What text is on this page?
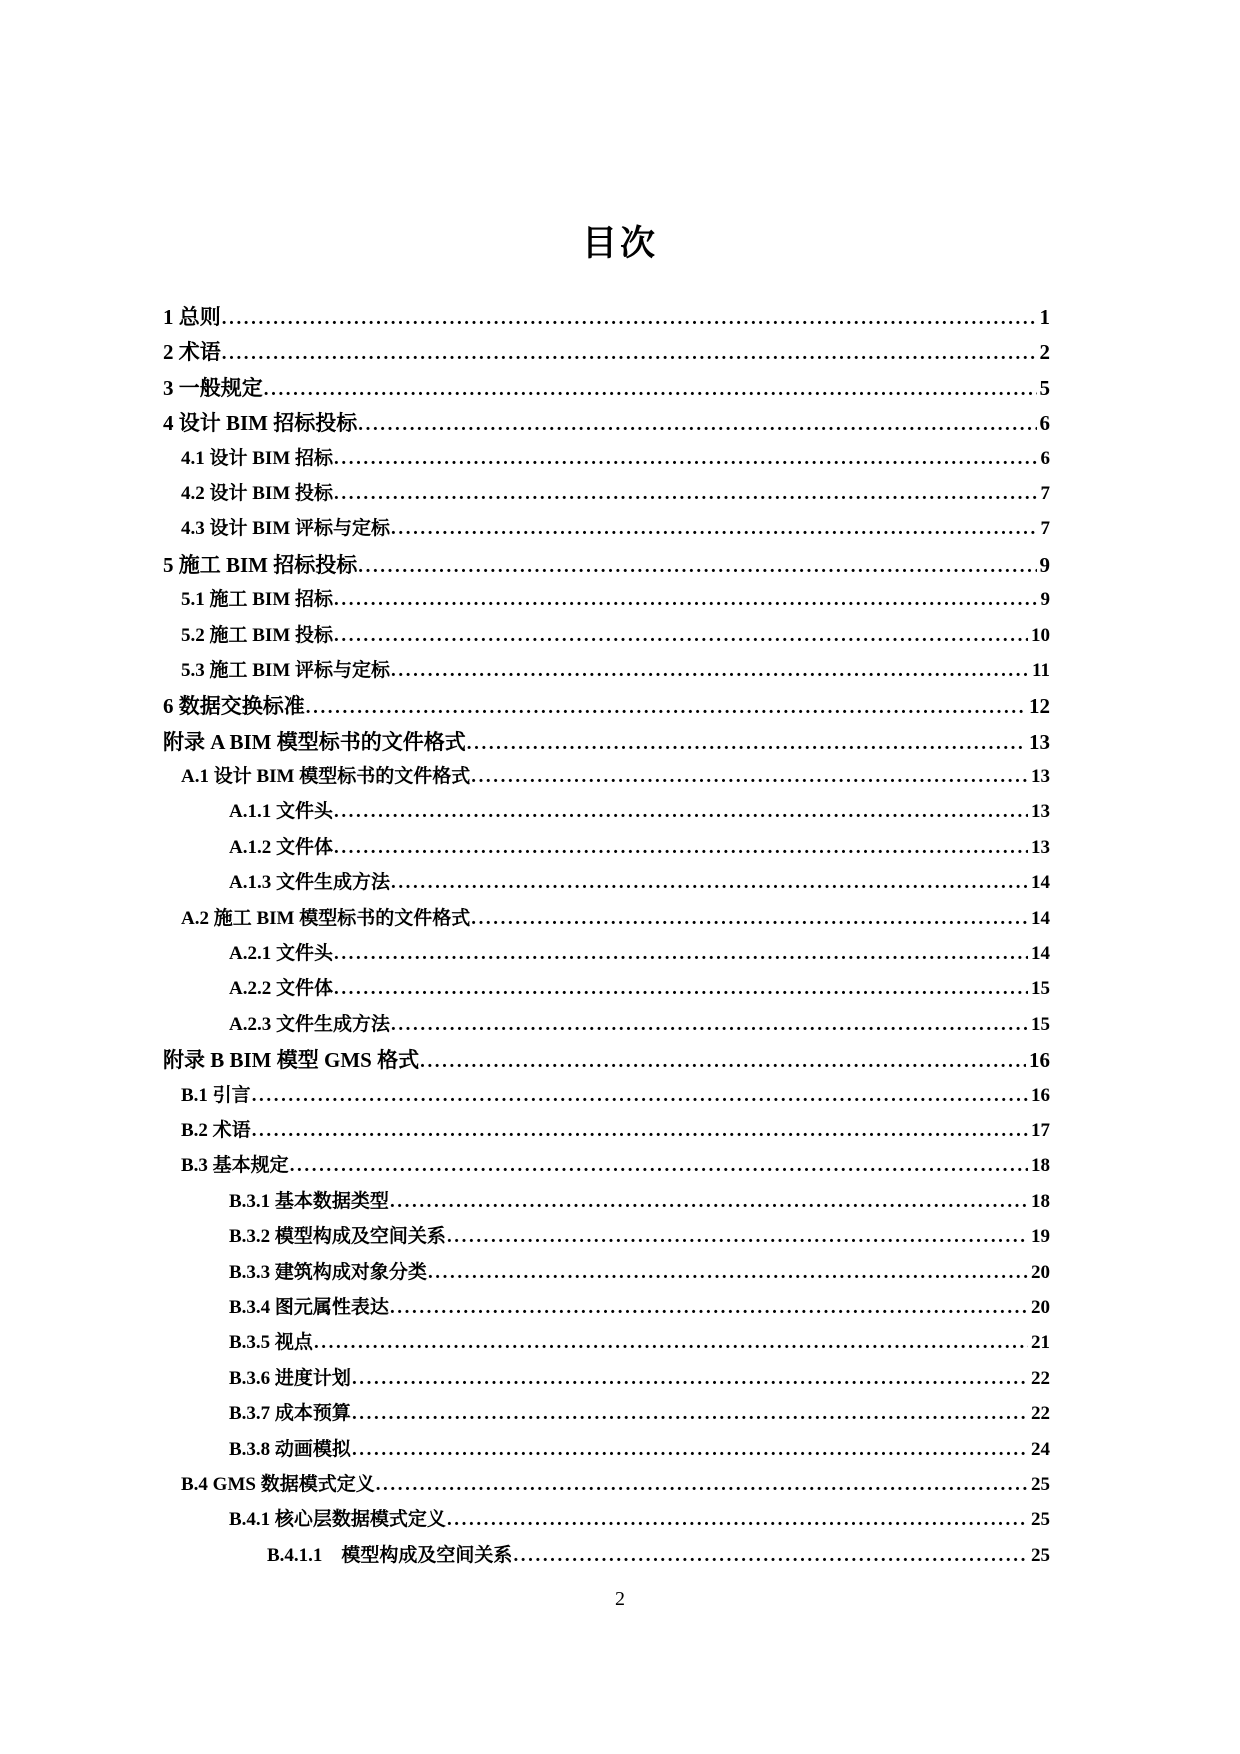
目次
1 总则 .....	1
2 术语 .....	2
3 一般规定 .....	5
4 设计 BIM 招标投标 .....	6
4.1 设计 BIM 招标 .....	6
4.2 设计 BIM 投标 .....	7
4.3 设计 BIM 评标与定标 .....	7
5 施工 BIM 招标投标 .....	9
5.1 施工 BIM 招标 .....	9
5.2 施工 BIM 投标 .....	10
5.3 施工 BIM 评标与定标 .....	11
6 数据交换标准 .....	12
附录 A BIM 模型标书的文件格式 .....	13
A.1 设计 BIM 模型标书的文件格式 .....	13
A.1.1 文件头 .....	13
A.1.2 文件体 .....	13
A.1.3 文件生成方法 .....	14
A.2 施工 BIM 模型标书的文件格式 .....	14
A.2.1 文件头 .....	14
A.2.2 文件体 .....	15
A.2.3 文件生成方法 .....	15
附录 B BIM 模型 GMS 格式 .....	16
B.1 引言 .....	16
B.2 术语 .....	17
B.3 基本规定 .....	18
B.3.1 基本数据类型 .....	18
B.3.2 模型构成及空间关系 .....	19
B.3.3 建筑构成对象分类 .....	20
B.3.4 图元属性表达 .....	20
B.3.5 视点 .....	21
B.3.6 进度计划 .....	22
B.3.7 成本预算 .....	22
B.3.8 动画模拟 .....	24
B.4 GMS 数据模式定义 .....	25
B.4.1 核心层数据模式定义 .....	25
B.4.1.1　模型构成及空间关系 .....	25
2
